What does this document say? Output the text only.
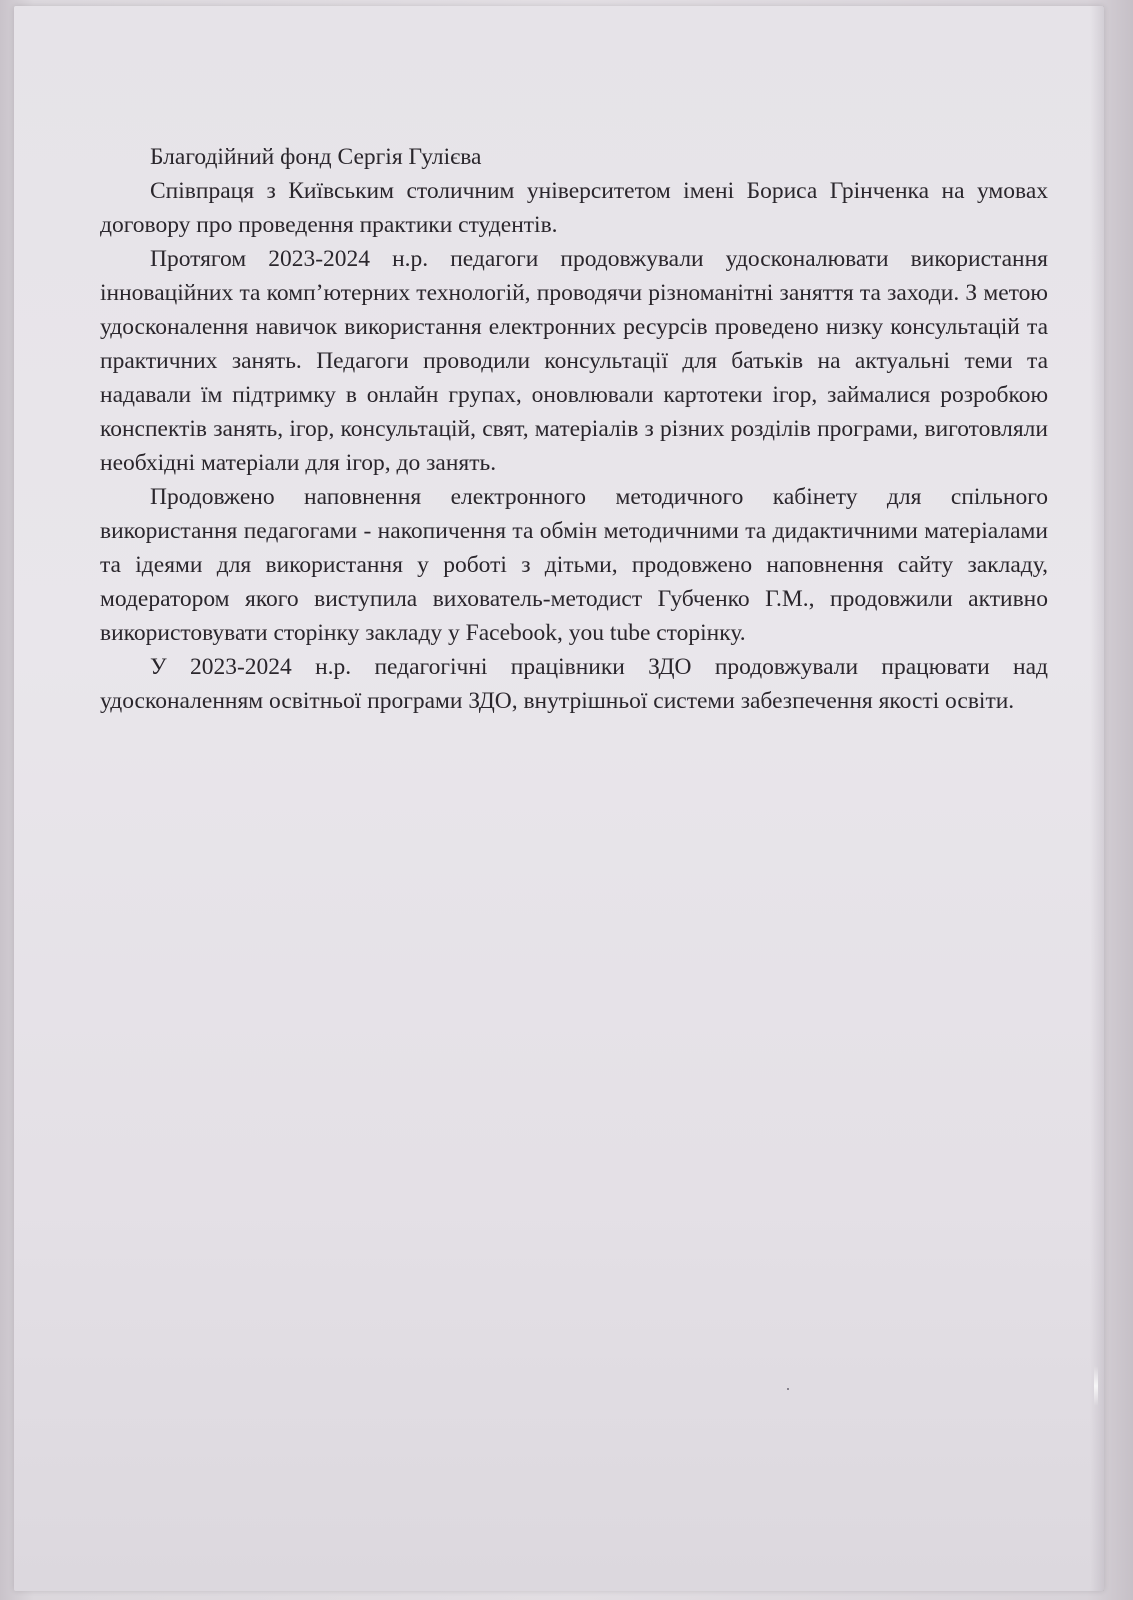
Благодійний фонд Сергія Гулієва

Співпраця з Київським столичним університетом імені Бориса Грінченка на умовах договору про проведення практики студентів.

Протягом 2023-2024 н.р. педагоги продовжували удосконалювати використання інноваційних та комп’ютерних технологій, проводячи різноманітні заняття та заходи. З метою удосконалення навичок використання електронних ресурсів проведено низку консультацій та практичних занять. Педагоги проводили консультації для батьків на актуальні теми та надавали їм підтримку в онлайн групах, оновлювали картотеки ігор, займалися розробкою конспектів занять, ігор, консультацій, свят, матеріалів з різних розділів програми, виготовляли необхідні матеріали для ігор, до занять.

Продовжено наповнення електронного методичного кабінету для спільного використання педагогами - накопичення та обмін методичними та дидактичними матеріалами та ідеями для використання у роботі з дітьми, продовжено наповнення сайту закладу, модератором якого виступила вихователь-методист Губченко Г.М., продовжили активно використовувати сторінку закладу у Facebook, you tube сторінку.

У 2023-2024 н.р. педагогічні працівники ЗДО продовжували працювати над удосконаленням освітньої програми ЗДО, внутрішньої системи забезпечення якості освіти.
